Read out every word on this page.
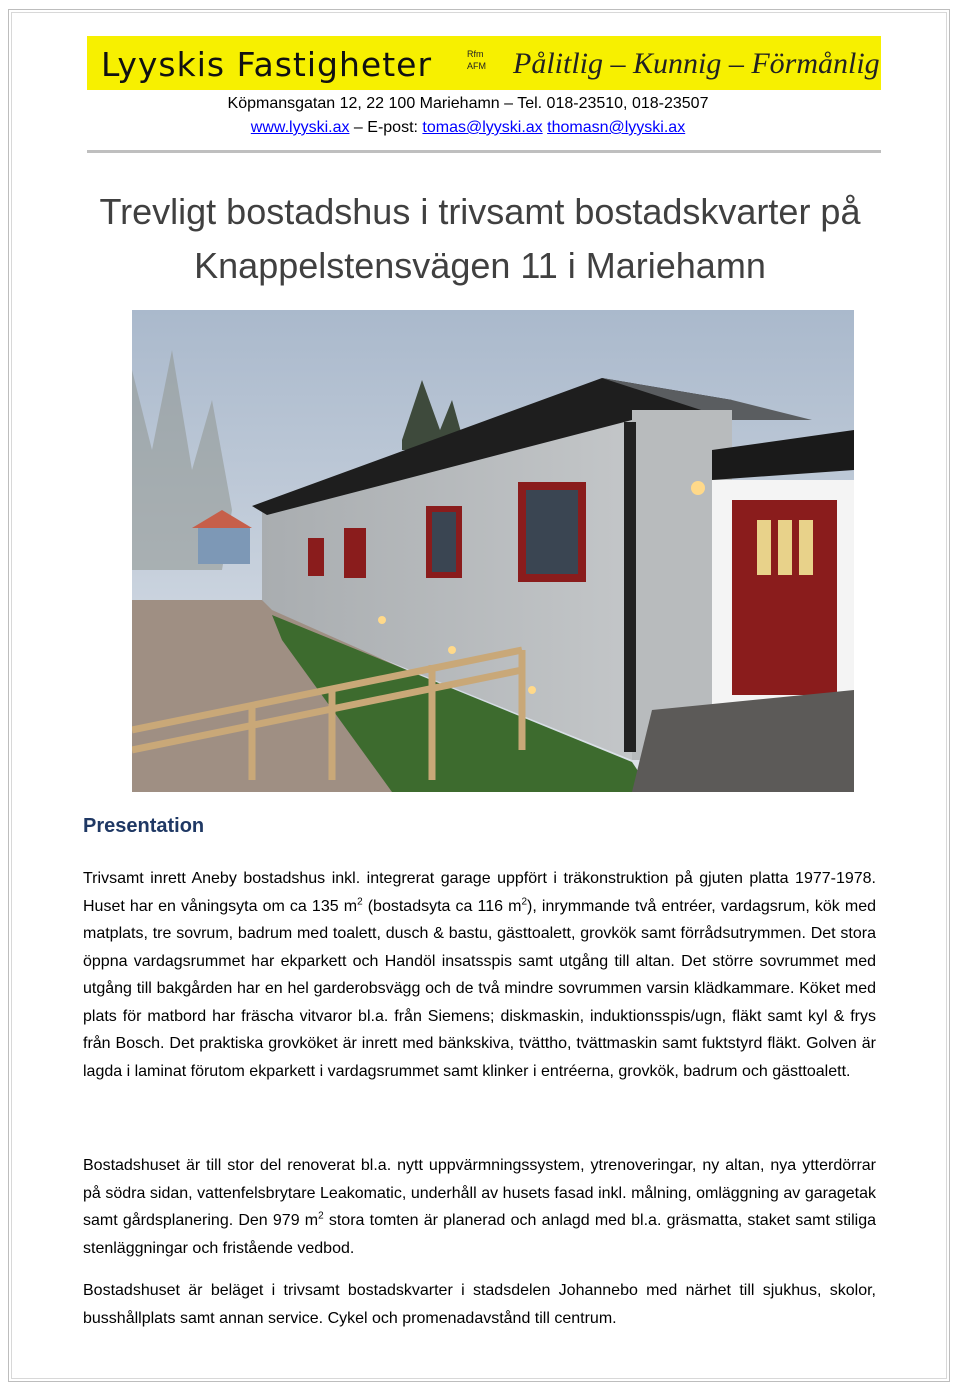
Lyyskis Fastigheter	Rfm
AFM Pålitlig – Kunnig – Förmånlig
Köpmansgatan 12, 22 100 Mariehamn – Tel. 018-23510, 018-23507
www.lyyski.ax – E-post: tomas@lyyski.ax thomasn@lyyski.ax
Trevligt bostadshus i trivsamt bostadskvarter på
Knappelstensvägen 11 i Mariehamn
Presentation

Trivsamt inrett Aneby bostadshus inkl. integrerat garage uppfört i träkonstruktion på gjuten platta 1977-1978. Huset har en våningsyta om ca 135 $m^2$ (bostadsyta ca 116 $m^2$), inrymmande två entréer, vardagsrum, kök med matplats, tre sovrum, badrum med toalett, dusch & bastu, gästtoalett, grovkök samt förrådsutrymmen. Det stora öppna vardagsrummet har ekparkett och Handöl insatsspis samt utgång till altan. Det större sovrummet med utgång till bakgården har en hel garderobsvägg och de två mindre sovrummen varsin klädkammare. Köket med plats för matbord har fräscha vitvaror bl.a. från Siemens; diskmaskin, induktionsspis/ugn, fläkt samt kyl & frys från Bosch. Det praktiska grovköket är inrett med bänkskiva, tvättho, tvättmaskin samt fuktstyrd fläkt. Golven är lagda i laminat förutom ekparkett i vardagsrummet samt klinker i entréerna, grovkök, badrum och gästtoalett.

Bostadshuset är till stor del renoverat bl.a. nytt uppvärmningssystem, ytrenoveringar, ny altan, nya ytterdörrar på södra sidan, vattenfelsbrytare Leakomatic, underhåll av husets fasad inkl. målning, omläggning av garagetak samt gårdsplanering. Den 979 $m^2$ stora tomten är planerad och anlagd med bl.a. gräsmatta, staket samt stiliga stenläggningar och fristående vedbod.

Bostadshuset är beläget i trivsamt bostadskvarter i stadsdelen Johannebo med närhet till sjukhus, skolor, busshållplats samt annan service. Cykel och promenadavstånd till centrum.
